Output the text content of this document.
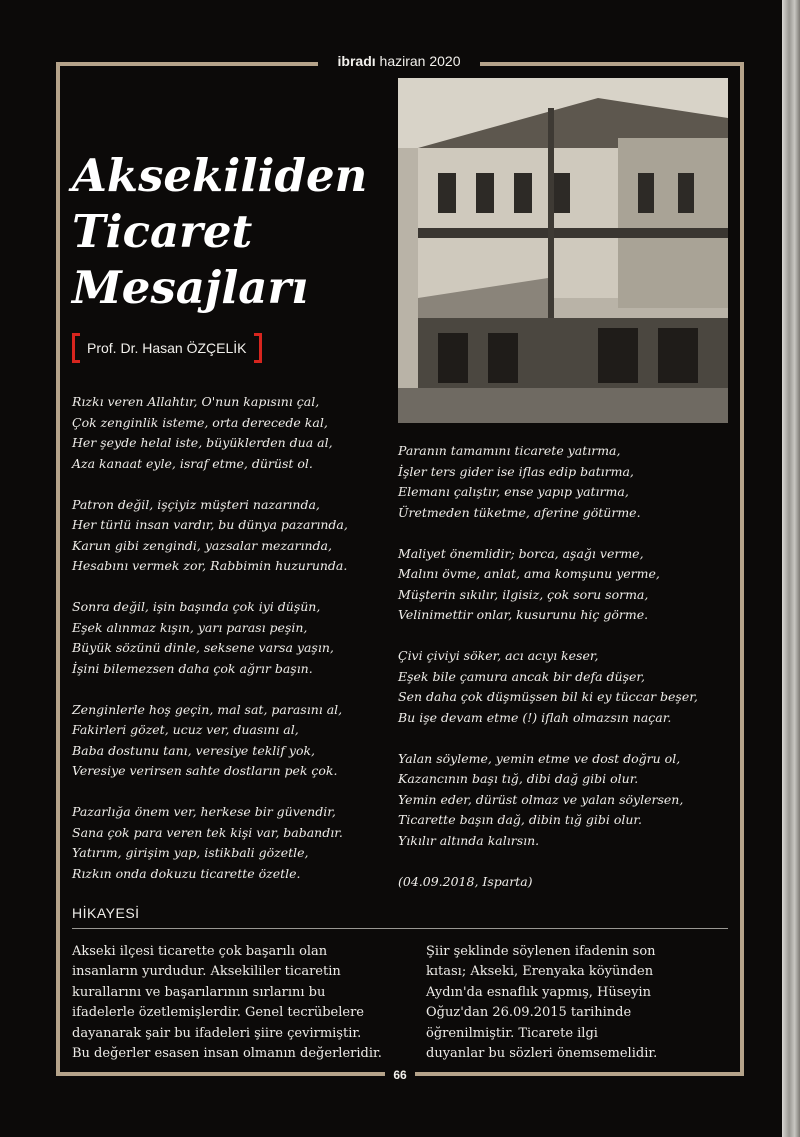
ibradı haziran 2020
Aksekiliden
Ticaret
Mesajları
Prof. Dr. Hasan ÖZÇELİK
Rızkı veren Allahtır, O'nun kapısını çal,
Çok zenginlik isteme, orta derecede kal,
Her şeyde helal iste, büyüklerden dua al,
Aza kanaat eyle, israf etme, dürüst ol.
Patron değil, işçiyiz müşteri nazarında,
Her türlü insan vardır, bu dünya pazarında,
Karun gibi zengindi, yazsalar mezarında,
Hesabını vermek zor, Rabbimin huzurunda.
Sonra değil, işin başında çok iyi düşün,
Eşek alınmaz kışın, yarı parası peşin,
Büyük sözünü dinle, seksene varsa yaşın,
İşini bilemezsen daha çok ağrır başın.
Zenginlerle hoş geçin, mal sat, parasını al,
Fakirleri gözet, ucuz ver, duasını al,
Baba dostunu tanı, veresiye teklif yok,
Veresiye verirsen sahte dostların pek çok.
Pazarlığa önem ver, herkese bir güvendir,
Sana çok para veren tek kişi var, babandır.
Yatırım, girişim yap, istikbali gözetle,
Rızkın onda dokuzu ticarette özetle.
Paranın tamamını ticarete yatırma,
İşler ters gider ise iflas edip batırma,
Elemanı çalıştır, ense yapıp yatırma,
Üretmeden tüketme, aferine götürme.
Maliyet önemlidir; borca, aşağı verme,
Malını övme, anlat, ama komşunu yerme,
Müşterin sıkılır, ilgisiz, çok soru sorma,
Velinimettir onlar, kusurunu hiç görme.
Çivi çiviyi söker, acı acıyı keser,
Eşek bile çamura ancak bir defa düşer,
Sen daha çok düşmüşsen bil ki ey tüccar beşer,
Bu işe devam etme (!) iflah olmazsın naçar.
Yalan söyleme, yemin etme ve dost doğru ol,
Kazancının başı tığ, dibi dağ gibi olur.
Yemin eder, dürüst olmaz ve yalan söylersen,
Ticarette başın dağ, dibin tığ gibi olur.
Yıkılır altında kalırsın.
(04.09.2018, Isparta)
HİKAYESİ
Akseki ilçesi ticarette çok başarılı olan
insanların yurdudur. Aksekililer ticaretin
kurallarını ve başarılarının sırlarını bu
ifadelerle özetlemişlerdir. Genel tecrübelere
dayanarak şair bu ifadeleri şiire çevirmiştir.
Bu değerler esasen insan olmanın değerleridir.
Şiir şeklinde söylenen ifadenin son
kıtası; Akseki, Erenyaka köyünden
Aydın'da esnaflık yapmış, Hüseyin
Oğuz'dan 26.09.2015 tarihinde
öğrenilmiştir. Ticarete ilgi
duyanlar bu sözleri önemsemelidir.
66
